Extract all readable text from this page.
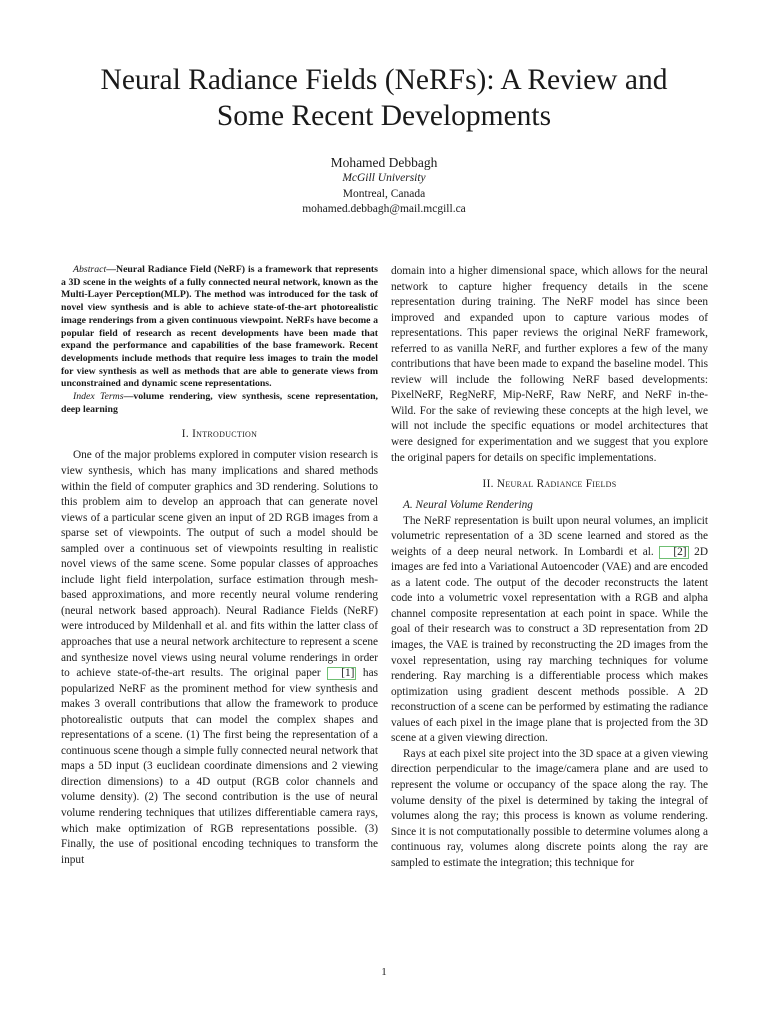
Neural Radiance Fields (NeRFs): A Review and
Some Recent Developments
Mohamed Debbagh
McGill University
Montreal, Canada
mohamed.debbagh@mail.mcgill.ca

Abstract—Neural Radiance Field (NeRF) is a framework that represents a 3D scene in the weights of a fully connected neural network, known as the Multi-Layer Perception(MLP). The method was introduced for the task of novel view synthesis and is able to achieve state-of-the-art photorealistic image renderings from a given continuous viewpoint. NeRFs have become a popular field of research as recent developments have been made that expand the performance and capabilities of the base framework. Recent developments include methods that require less images to train the model for view synthesis as well as methods that are able to generate views from unconstrained and dynamic scene representations.

Index Terms—volume rendering, view synthesis, scene representation, deep learning

I. Introduction

One of the major problems explored in computer vision research is view synthesis, which has many implications and shared methods within the field of computer graphics and 3D rendering. Solutions to this problem aim to develop an approach that can generate novel views of a particular scene given an input of 2D RGB images from a sparse set of viewpoints. The output of such a model should be sampled over a continuous set of viewpoints resulting in realistic novel views of the same scene. Some popular classes of approaches include light field interpolation, surface estimation through mesh-based approximations, and more recently neural volume rendering (neural network based approach). Neural Radiance Fields (NeRF) were introduced by Mildenhall et al. and fits within the latter class of approaches that use a neural network architecture to represent a scene and synthesize novel views using neural volume renderings in order to achieve state-of-the-art results. The original paper [1] has popularized NeRF as the prominent method for view synthesis and makes 3 overall contributions that allow the framework to produce photorealistic outputs that can model the complex shapes and representations of a scene. (1) The first being the representation of a continuous scene though a simple fully connected neural network that maps a 5D input (3 euclidean coordinate dimensions and 2 viewing direction dimensions) to a 4D output (RGB color channels and volume density). (2) The second contribution is the use of neural volume rendering techniques that utilizes differentiable camera rays, which make optimization of RGB representations possible. (3) Finally, the use of positional encoding techniques to transform the input

domain into a higher dimensional space, which allows for the neural network to capture higher frequency details in the scene representation during training. The NeRF model has since been improved and expanded upon to capture various modes of representations. This paper reviews the original NeRF framework, referred to as vanilla NeRF, and further explores a few of the many contributions that have been made to expand the baseline model. This review will include the following NeRF based developments: PixelNeRF, RegNeRF, Mip-NeRF, Raw NeRF, and NeRF in-the-Wild. For the sake of reviewing these concepts at the high level, we will not include the specific equations or model architectures that were designed for experimentation and we suggest that you explore the original papers for details on specific implementations.

II. Neural Radiance Fields

A. Neural Volume Rendering

The NeRF representation is built upon neural volumes, an implicit volumetric representation of a 3D scene learned and stored as the weights of a deep neural network. In Lombardi et al. [2] 2D images are fed into a Variational Autoencoder (VAE) and are encoded as a latent code. The output of the decoder reconstructs the latent code into a volumetric voxel representation with a RGB and alpha channel composite representation at each point in space. While the goal of their research was to construct a 3D representation from 2D images, the VAE is trained by reconstructing the 2D images from the voxel representation, using ray marching techniques for volume rendering. Ray marching is a differentiable process which makes optimization using gradient descent methods possible. A 2D reconstruction of a scene can be performed by estimating the radiance values of each pixel in the image plane that is projected from the 3D scene at a given viewing direction.

Rays at each pixel site project into the 3D space at a given viewing direction perpendicular to the image/camera plane and are used to represent the volume or occupancy of the space along the ray. The volume density of the pixel is determined by taking the integral of volumes along the ray; this process is known as volume rendering. Since it is not computationally possible to determine volumes along a continuous ray, volumes along discrete points along the ray are sampled to estimate the integration; this technique for

1
